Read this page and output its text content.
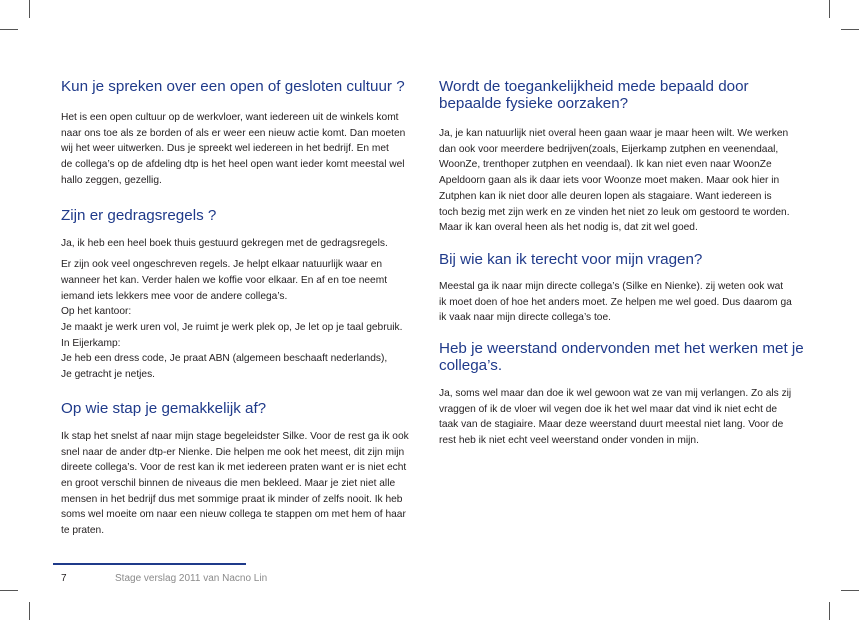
Kun je spreken over een open of gesloten cultuur ?

Het is een open cultuur op de werkvloer, want iedereen uit de winkels komt
naar ons toe als ze borden of als er weer een nieuw actie komt. Dan moeten
wij het weer uitwerken. Dus je spreekt wel iedereen in het bedrijf. En met
de collega’s op de afdeling dtp is het heel open want ieder komt meestal wel
hallo zeggen, gezellig.

Zijn er gedragsregels ?

Ja, ik heb een heel boek thuis gestuurd gekregen met de gedragsregels.

Er zijn ook veel ongeschreven regels. Je helpt elkaar natuurlijk waar en
wanneer het kan. Verder halen we koffie voor elkaar. En af en toe neemt
iemand iets lekkers mee voor de andere collega’s.
Op het kantoor:
Je maakt je werk uren vol, Je ruimt je werk plek op, Je let op je taal gebruik.
In Eijerkamp:
Je heb een dress code, Je praat ABN (algemeen beschaaft nederlands),
Je getracht je netjes.

Op wie stap je gemakkelijk af?

Ik stap het snelst af naar mijn stage begeleidster Silke. Voor de rest ga ik ook
snel naar de ander dtp-er Nienke. Die helpen me ook het meest, dit zijn mijn
direete collega’s. Voor de rest kan ik met iedereen praten want er is niet echt
en groot verschil binnen de niveaus die men bekleed. Maar je ziet niet alle
mensen in het bedrijf dus met sommige praat ik minder of zelfs nooit. Ik heb
soms wel moeite om naar een nieuw collega te stappen om met hem of haar
te praten.

Wordt de toegankelijkheid mede bepaald door
bepaalde fysieke oorzaken?

Ja, je kan natuurlijk niet overal heen gaan waar je maar heen wilt. We werken
dan ook voor meerdere bedrijven(zoals, Eijerkamp zutphen en veenendaal,
WoonZe, trenthoper zutphen en veendaal). Ik kan niet even naar WoonZe
Apeldoorn gaan als ik daar iets voor Woonze moet maken. Maar ook hier in
Zutphen kan ik niet door alle deuren lopen als stagaiare. Want iedereen is
toch bezig met zijn werk en ze vinden het niet zo leuk om gestoord te worden.
Maar ik kan overal heen als het nodig is, dat zit wel goed.

Bij wie kan ik terecht voor mijn vragen?

Meestal ga ik naar mijn directe collega’s (Silke en Nienke). zij weten ook wat
ik moet doen of hoe het anders moet. Ze helpen me wel goed. Dus daarom ga
ik vaak naar mijn directe collega’s toe.

Heb je weerstand ondervonden met het werken met je
collega’s.

Ja, soms wel maar dan doe ik wel gewoon wat ze van mij verlangen. Zo als zij
vraggen of ik de vloer wil vegen doe ik het wel maar dat vind ik niet echt de
taak van de stagiaire. Maar deze weerstand duurt meestal niet lang. Voor de
rest heb ik niet echt veel weerstand onder vonden in mijn.

7	Stage verslag 2011 van Nacno Lin
